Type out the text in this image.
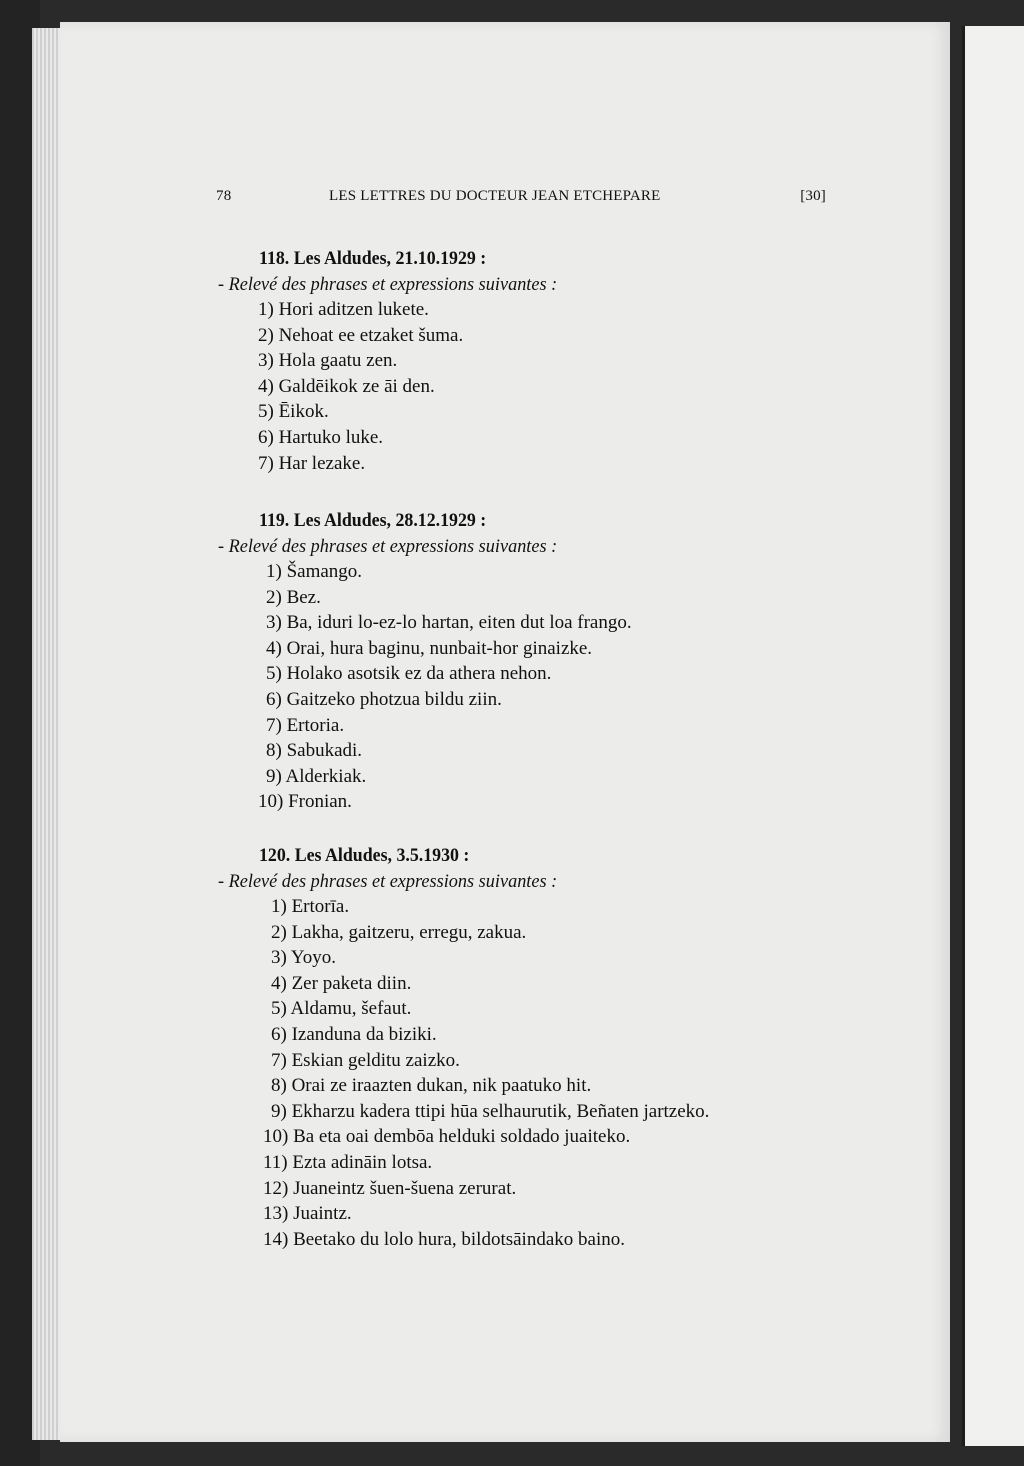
78	LES LETTRES DU DOCTEUR JEAN ETCHEPARE	[30]
118. Les Aldudes, 21.10.1929 :
- Relevé des phrases et expressions suivantes :
1) Hori aditzen lukete.
2) Nehoat ee etzaket šuma.
3) Hola gaatu zen.
4) Galdēikok ze āi den.
5) Ēikok.
6) Hartuko luke.
7) Har lezake.
119. Les Aldudes, 28.12.1929 :
- Relevé des phrases et expressions suivantes :
1) Šamango.
2) Bez.
3) Ba, iduri lo-ez-lo hartan, eiten dut loa frango.
4) Orai, hura baginu, nunbait-hor ginaizke.
5) Holako asotsik ez da athera nehon.
6) Gaitzeko photzua bildu ziin.
7) Ertoria.
8) Sabukadi.
9) Alderkiak.
10) Fronian.
120. Les Aldudes, 3.5.1930 :
- Relevé des phrases et expressions suivantes :
1) Ertorīa.
2) Lakha, gaitzeru, erregu, zakua.
3) Yoyo.
4) Zer paketa diin.
5) Aldamu, šefaut.
6) Izanduna da biziki.
7) Eskian gelditu zaizko.
8) Orai ze iraazten dukan, nik paatuko hit.
9) Ekharzu kadera ttipi hūa selhaurutik, Beñaten jartzeko.
10) Ba eta oai dembōa helduki soldado juaiteko.
11) Ezta adināin lotsa.
12) Juaneintz šuen-šuena zerurat.
13) Juaintz.
14) Beetako du lolo hura, bildotsāindako baino.
